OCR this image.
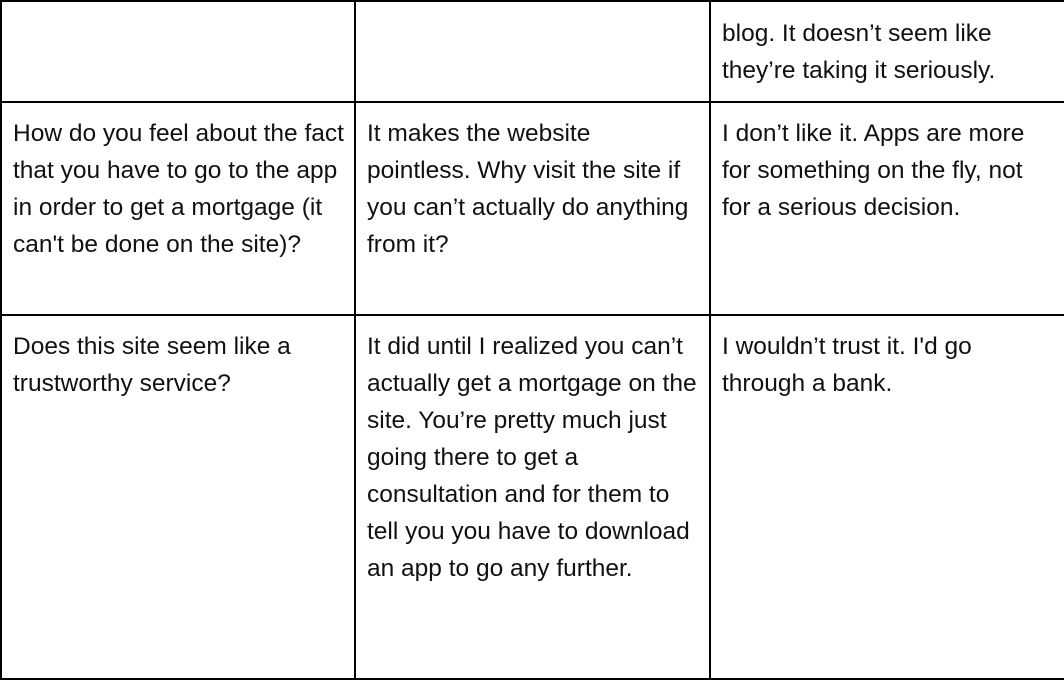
		blog. It doesn’t seem like they’re taking it seriously.

How do you feel about the fact that you have to go to the app in order to get a mortgage (it can't be done on the site)?	It makes the website pointless. Why visit the site if you can’t actually do anything from it?	I don’t like it. Apps are more for something on the fly, not for a serious decision.

Does this site seem like a trustworthy service?	It did until I realized you can’t actually get a mortgage on the site. You’re pretty much just going there to get a consultation and for them to tell you you have to download an app to go any further.	I wouldn’t trust it. I'd go through a bank.
